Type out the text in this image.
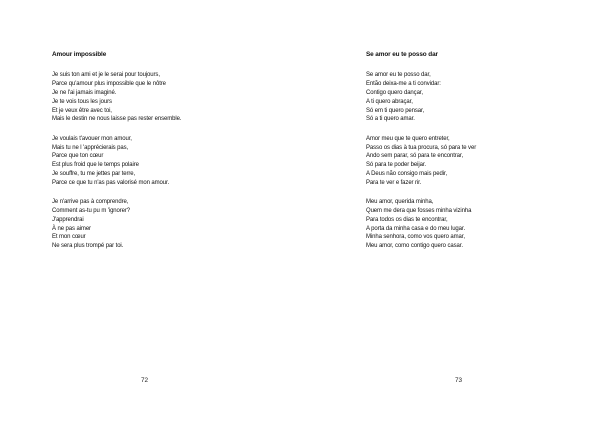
Amour impossible
Je suis ton ami et je le serai pour toujours,
Parce qu'amour plus impossible que le nôtre
Je ne l'ai jamais imaginé.
Je te vois tous les jours
Et je veux être avec toi,
Mais le destin ne nous laisse pas rester ensemble.
Je voulais t'avouer mon amour,
Mais tu ne l 'apprécierais pas,
Parce que ton cœur
Est plus froid que le temps polaire
Je souffre, tu me jettes par terre,
Parce ce que tu n'as pas valorisé mon amour.
Je n'arrive pas à comprendre,
Comment as-tu pu m 'ignorer?
J'apprendrai
À ne pas aimer
Et mon cœur
Ne sera plus trompé par toi.
72
Se amor eu te posso dar
Se amor eu te posso dar,
Então deixa-me a ti convidar:
Contigo quero dançar,
A ti quero abraçar,
Só em ti quero pensar,
Só a ti quero amar.
Amor meu que te quero entreter,
Passo os dias à tua procura, só para te ver
Ando sem parar, só para te encontrar,
Só para te poder beijar.
A Deus não consigo mais pedir,
Para te ver e fazer rir.
Meu amor, querida minha,
Quem me dera que fosses minha vizinha
Para todos os dias te encontrar,
A porta da minha casa e do meu lugar.
Minha senhora, como vos quero amar,
Meu amor, como contigo quero casar.
73
